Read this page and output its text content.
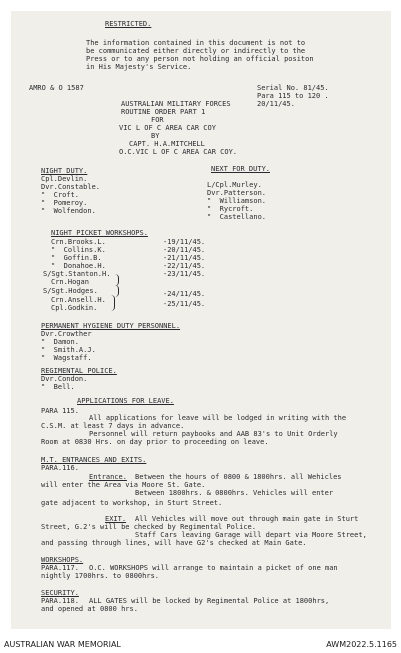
RESTRICTED.
The information contained in this document is not to
be communicated either directly or indirectly to the
Press or to any person not holding an official positon
in His Majesty's Service.
AMRO & O 1587	Serial No. 81/45.
Para 115 to 120 .
20/11/45.
AUSTRALIAN MILITARY FORCES
ROUTINE ORDER PART 1
FOR
VIC L OF C AREA CAR COY
BY
CAPT. H.A.MITCHELL
O.C.VIC L OF C AREA CAR COY.
NIGHT DUTY.
Cpl.Devlin.
Dvr.Constable.
"  Croft.
"  Pomeroy.
"  Wolfendon.
NEXT FOR DUTY.
L/Cpl.Murley.
Dvr.Patterson.
"  Williamson.
"  Rycroft.
"  Castellano.
NIGHT PICKET WORKSHOPS.
Crn.Brooks.L.	-19/11/45.
"  Collins.K.	-20/11/45.
"  Goffin.B.	-21/11/45.
"  Donahoe.H.	-22/11/45.
S/Sgt.Stanton.H.	-23/11/45.
Crn.Hogan
S/Sgt.Hodges.	-24/11/45.
Crn.Ansell.H.
Cpl.Godkin.	-25/11/45.
PERMANENT HYGIENE DUTY PERSONNEL.
Dvr.Crowther
"  Damon.
"  Smith.A.J.
"  Wagstaff.
REGIMENTAL POLICE.
Dvr.Condon.
"  Bell.
APPLICATIONS FOR LEAVE.
PARA 115.
All applications for leave will be lodged in writing with the
C.S.M. at least 7 days in advance.
Personnel will return paybooks and AAB 83's to Unit Orderly
Room at 0830 Hrs. on day prior to proceeding on leave.
M.T. ENTRANCES AND EXITS.
PARA.116.
Entrance. Between the hours of 0800 & 1800hrs. all Wehicles
will enter the Area via Moore St. Gate.
Between 1800hrs. & 0800hrs. Vehicles will enter
gate adjacent to workshop, in Sturt Street.
EXIT. All Vehicles will move out through main gate in Sturt
Street, G.2's will be checked by Regimental Police.
Staff Cars leaving Garage will depart via Moore Street,
and passing through lines, will have G2's checked at Main Gate.
WORKSHOPS.
PARA.117. O.C. WORKSHOPS will arrange to maintain a picket of one man
nightly 1700hrs. to 0800hrs.
SECURITY.
PARA.118. ALL GATES will be locked by Regimental Police at 1800hrs,
and opened at 0800 hrs.
AUSTRALIAN WAR MEMORIAL	AWM2022.5.1165
